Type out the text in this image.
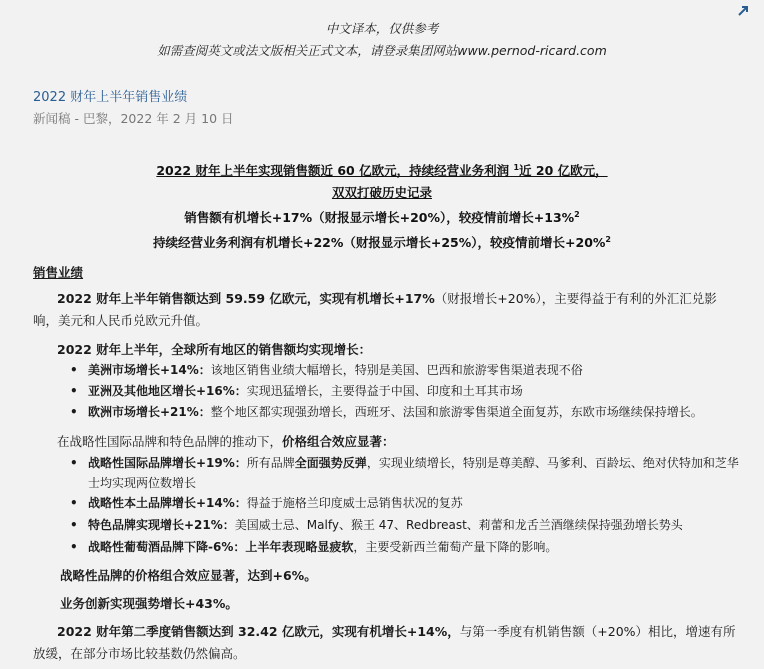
中文译本，仅供参考
如需查阅英文或法文版相关正式文本，请登录集团网站www.pernod-ricard.com
2022 财年上半年销售业绩
新闻稿 - 巴黎，2022 年 2 月 10 日
2022 财年上半年实现销售额近 60 亿欧元，持续经营业务利润 $^1$近 20 亿欧元，
双双打破历史记录
销售额有机增长+17%（财报显示增长+20%），较疫情前增长+13%$^2$
持续经营业务利润有机增长+22%（财报显示增长+25%），较疫情前增长+20%$^2$
销售业绩
2022 财年上半年销售额达到 59.59 亿欧元，实现有机增长+17%（财报增长+20%），主要得益于有利的外汇汇兑影响，美元和人民币兑欧元升值。
2022 财年上半年，全球所有地区的销售额均实现增长：
• 美洲市场增长+14%：该地区销售业绩大幅增长，特别是美国、巴西和旅游零售渠道表现不俗
• 亚洲及其他地区增长+16%：实现迅猛增长，主要得益于中国、印度和土耳其市场
• 欧洲市场增长+21%：整个地区都实现强劲增长，西班牙、法国和旅游零售渠道全面复苏，东欧市场继续保持增长。
在战略性国际品牌和特色品牌的推动下，价格组合效应显著：
• 战略性国际品牌增长+19%：所有品牌全面强势反弹，实现业绩增长，特别是尊美醇、马爹利、百龄坛、绝对伏特加和芝华士均实现两位数增长
• 战略性本土品牌增长+14%：得益于施格兰印度威士忌销售状况的复苏
• 特色品牌实现增长+21%：美国威士忌、Malfy、猴王 47、Redbreast、莉蕾和龙舌兰酒继续保持强劲增长势头
• 战略性葡萄酒品牌下降-6%：上半年表现略显疲软，主要受新西兰葡萄产量下降的影响。
战略性品牌的价格组合效应显著，达到+6%。
业务创新实现强势增长+43%。
2022 财年第二季度销售额达到 32.42 亿欧元，实现有机增长+14%，与第一季度有机销售额（+20%）相比，增速有所放缓，在部分市场比较基数仍然偏高。
